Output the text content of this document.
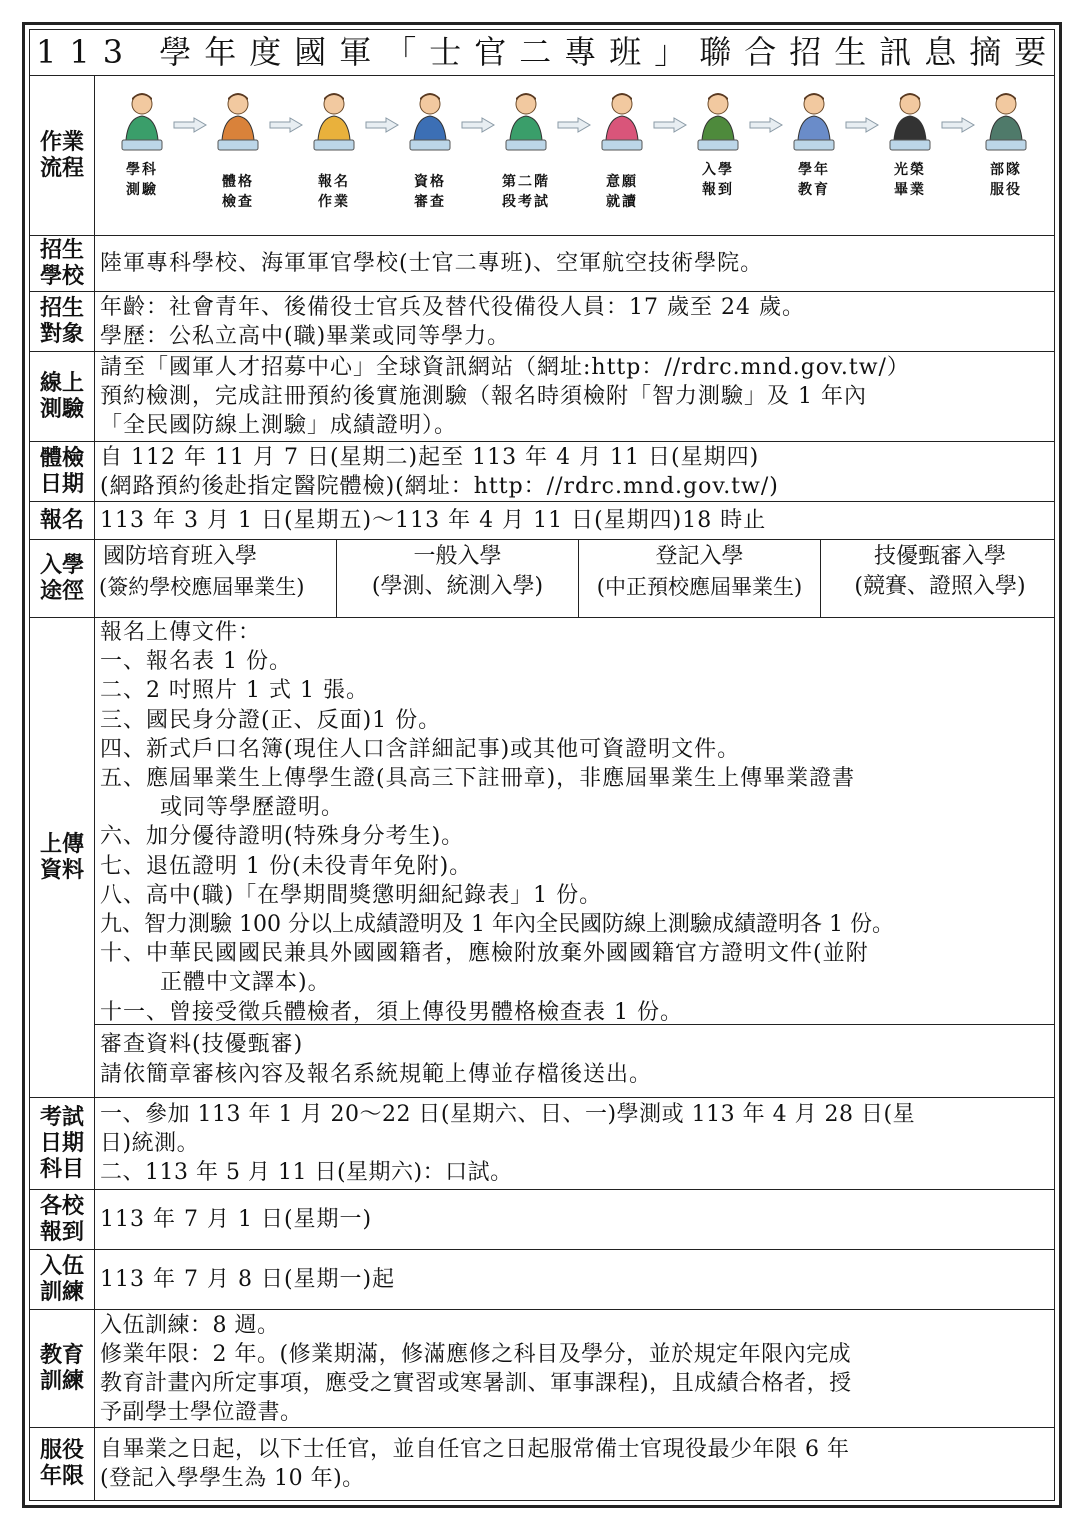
113 學年度國軍「士官二專班」聯合招生訊息摘要
作業流程	學科
測驗	體格
檢查
報名
作業
資格
審查
第二階
段考試
意願
就讀
入學
報到
學年
教育
光榮
畢業
部隊
服役
招生學校 陸軍專科學校、海軍軍官學校(士官二專班)、空軍航空技術學院。
招生對象
年齡：社會青年、後備役士官兵及替代役備役人員：17 歲至 24 歲。
學歷：公私立高中(職)畢業或同等學力。
線上測驗
請至「國軍人才招募中心」全球資訊網站（網址:http：//rdrc.mnd.gov.tw/）
預約檢測，完成註冊預約後實施測驗（報名時須檢附「智力測驗」及 1 年內
「全民國防線上測驗」成績證明）。
體檢日期
自 112 年 11 月 7 日(星期二)起至 113 年 4 月 11 日(星期四)
(網路預約後赴指定醫院體檢)(網址：http：//rdrc.mnd.gov.tw/)
報名 113 年 3 月 1 日(星期五)～113 年 4 月 11 日(星期四)18 時止
入學途徑
國防培育班入學
(簽約學校應屆畢業生)
一般入學
(學測、統測入學)
登記入學
(中正預校應屆畢業生)
技優甄審入學
(競賽、證照入學)
上傳資料
報名上傳文件：
一、報名表 1 份。
二、2 吋照片 1 式 1 張。
三、國民身分證(正、反面)1 份。
四、新式戶口名簿(現住人口含詳細記事)或其他可資證明文件。
五、應屆畢業生上傳學生證(具高三下註冊章)，非應屆畢業生上傳畢業證書
或同等學歷證明。
六、加分優待證明(特殊身分考生)。
七、退伍證明 1 份(未役青年免附)。
八、高中(職)「在學期間獎懲明細紀錄表」1 份。
九、智力測驗 100 分以上成績證明及 1 年內全民國防線上測驗成績證明各 1 份。
十、中華民國國民兼具外國國籍者，應檢附放棄外國國籍官方證明文件(並附
正體中文譯本)。
十一、曾接受徵兵體檢者，須上傳役男體格檢查表 1 份。
審查資料(技優甄審)
請依簡章審核內容及報名系統規範上傳並存檔後送出。
考試日期科目
一、參加 113 年 1 月 20～22 日(星期六、日、一)學測或 113 年 4 月 28 日(星
日)統測。
二、113 年 5 月 11 日(星期六)：口試。
各校報到 113 年 7 月 1 日(星期一)
入伍訓練 113 年 7 月 8 日(星期一)起
教育訓練
入伍訓練：8 週。
修業年限：2 年。(修業期滿，修滿應修之科目及學分，並於規定年限內完成
教育計畫內所定事項，應受之實習或寒暑訓、軍事課程)，且成績合格者，授
予副學士學位證書。
服役年限
自畢業之日起，以下士任官，並自任官之日起服常備士官現役最少年限 6 年
(登記入學學生為 10 年)。
